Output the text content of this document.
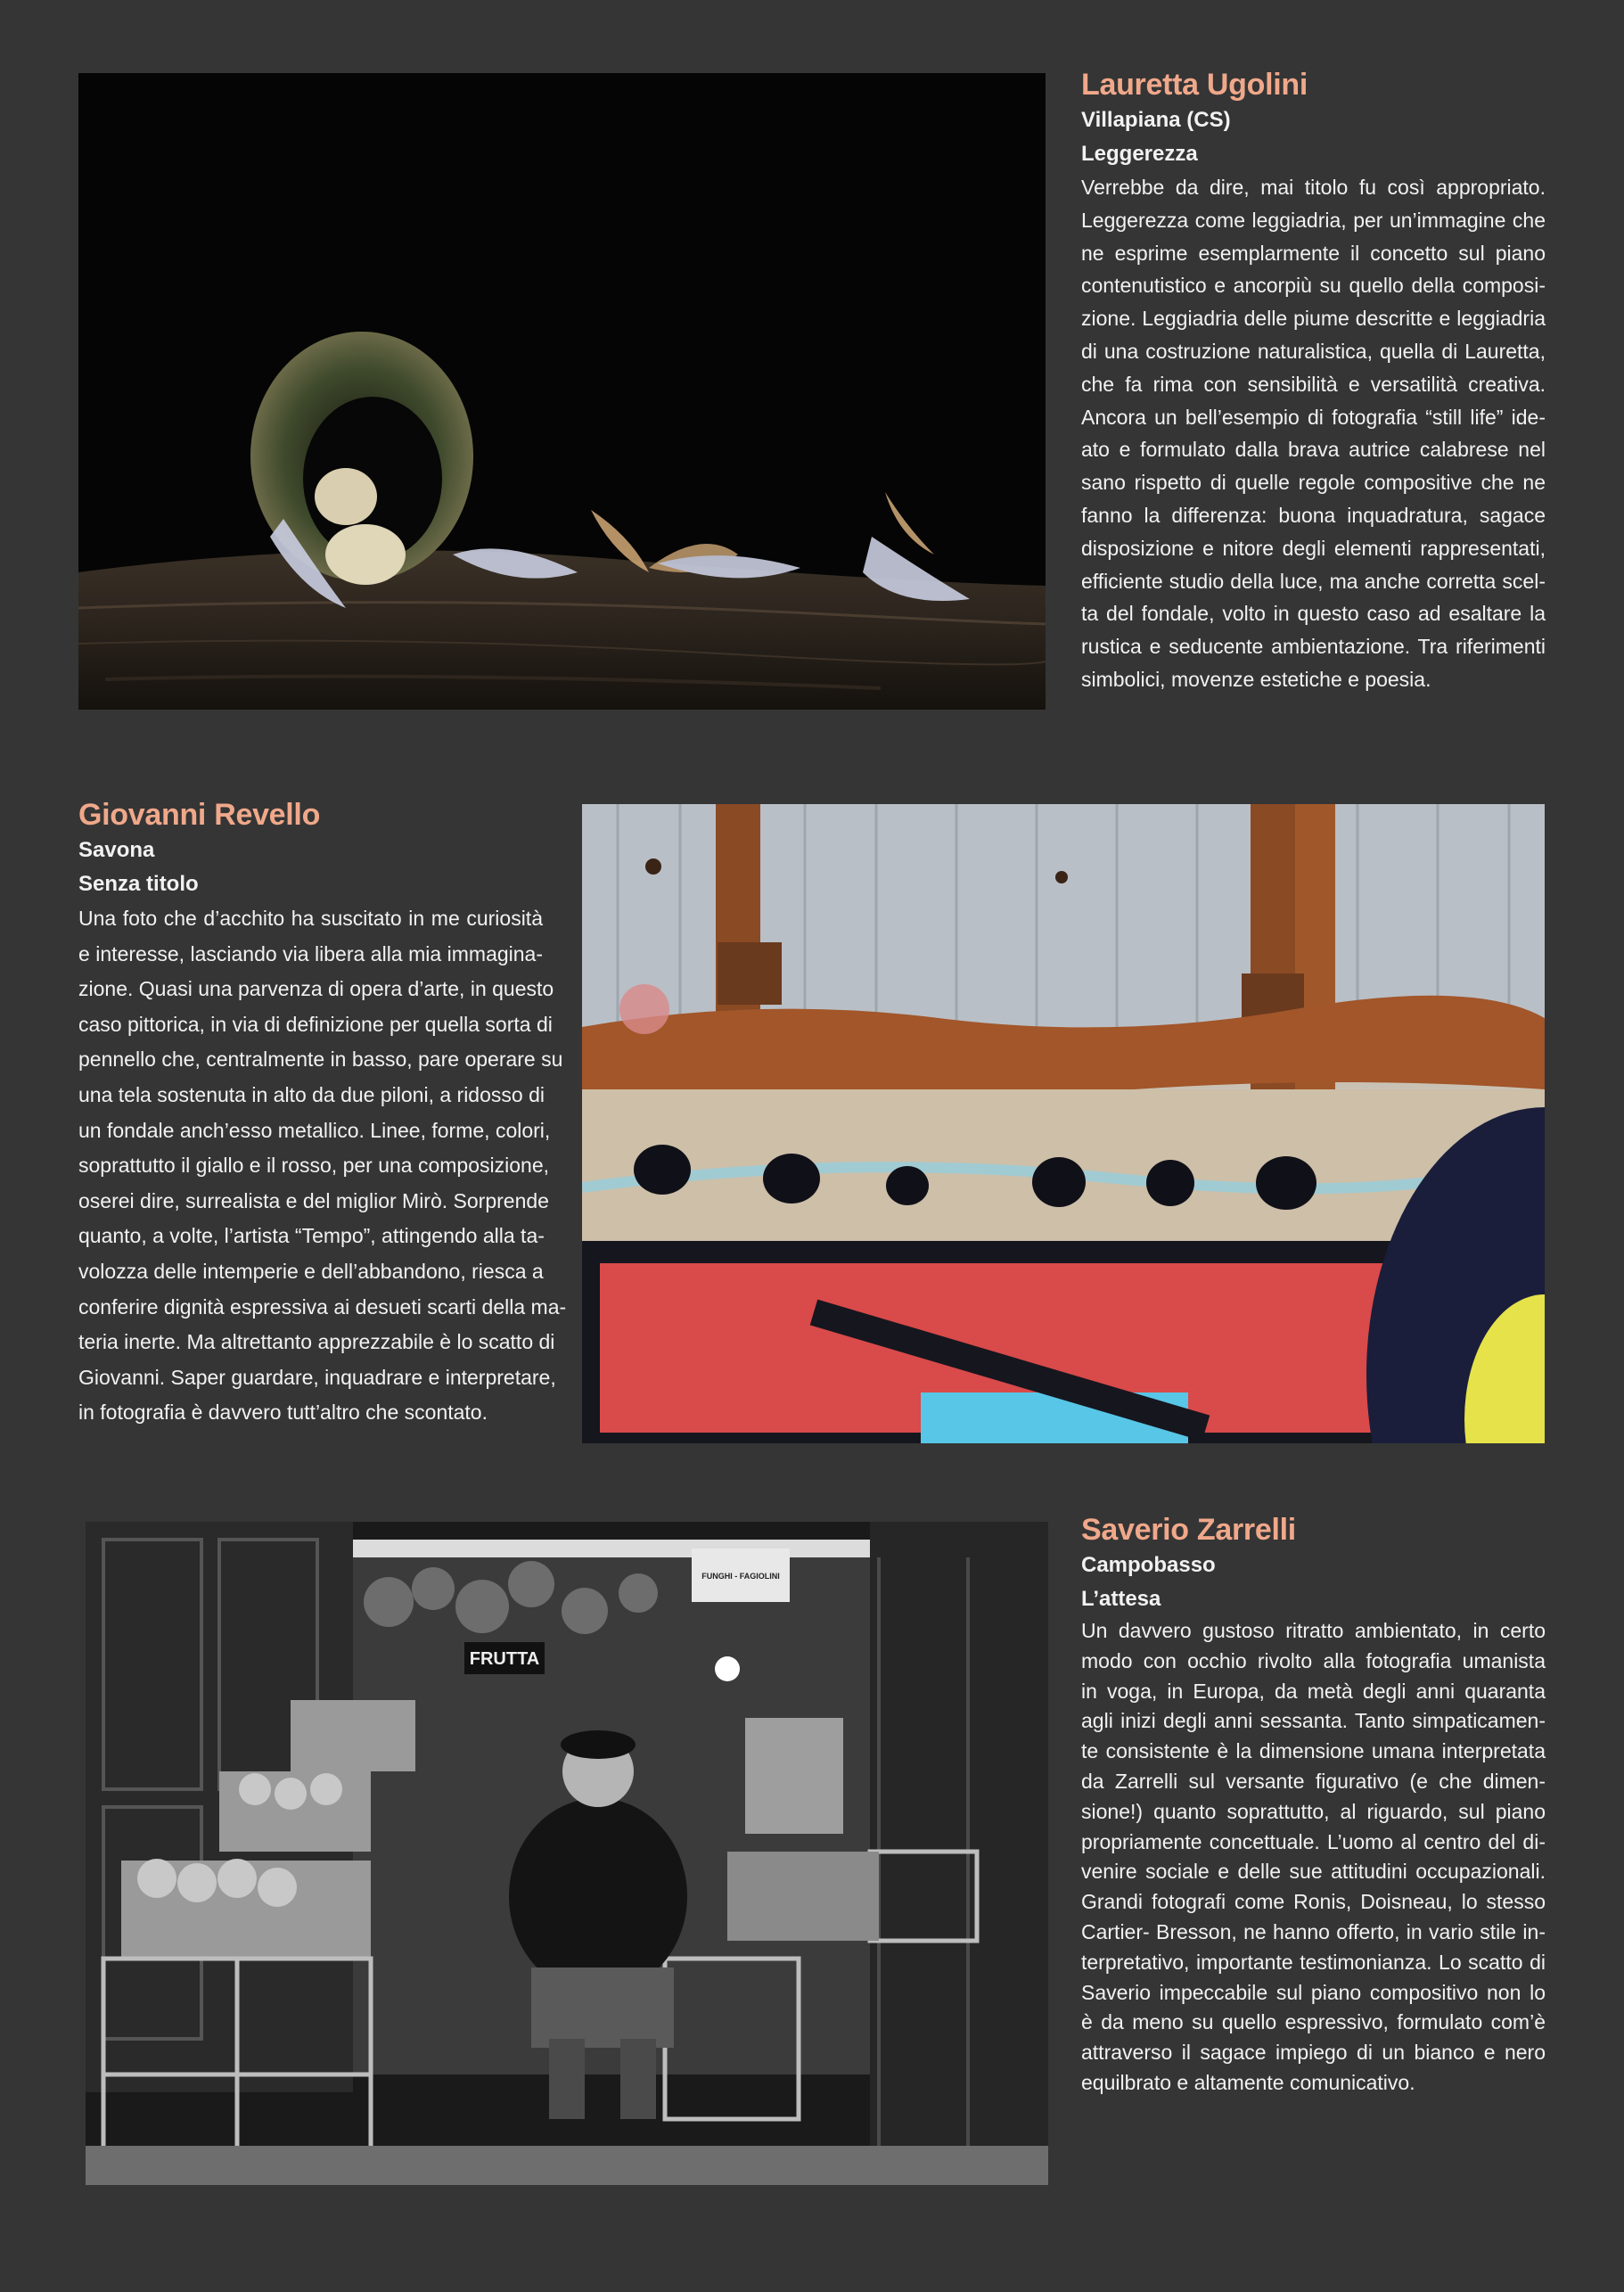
Lauretta Ugolini

Villapiana (CS)

Leggerezza

Verrebbe da dire, mai titolo fu così appropriato.
Leggerezza come leggiadria, per un’immagine che
ne esprime esemplarmente il concetto sul piano
contenutistico e ancorpiù su quello della composi-
zione. Leggiadria delle piume descritte e leggiadria
di una costruzione naturalistica, quella di Lauretta,
che fa rima con sensibilità e versatilità creativa.
Ancora un bell’esempio di fotografia “still life” ide-
ato e formulato dalla brava autrice calabrese nel
sano rispetto di quelle regole compositive che ne
fanno la differenza: buona inquadratura, sagace
disposizione e nitore degli elementi rappresentati,
efficiente studio della luce, ma anche corretta scel-
ta del fondale, volto in questo caso ad esaltare la
rustica e seducente ambientazione. Tra riferimenti
simbolici, movenze estetiche e poesia.

Giovanni Revello

Savona

Senza titolo

Una foto che d’acchito ha suscitato in me curiosità
e interesse, lasciando via libera alla mia immagina-
zione. Quasi una parvenza di opera d’arte, in questo
caso pittorica, in via di definizione per quella sorta di
pennello che, centralmente in basso, pare operare su
una tela sostenuta in alto da due piloni, a ridosso di
un fondale anch’esso metallico. Linee, forme, colori,
soprattutto il giallo e il rosso, per una composizione,
oserei dire, surrealista e del miglior Mirò. Sorprende
quanto, a volte, l’artista “Tempo”, attingendo alla ta-
volozza delle intemperie e dell’abbandono, riesca a
conferire dignità espressiva ai desueti scarti della ma-
teria inerte. Ma altrettanto apprezzabile è lo scatto di
Giovanni. Saper guardare, inquadrare e interpretare,
in fotografia è davvero tutt’altro che scontato.

FUNGHI - FAGIOLINI
FRUTTA

Saverio Zarrelli

Campobasso

L’attesa

Un davvero gustoso ritratto ambientato, in certo
modo con occhio rivolto alla fotografia umanista
in voga, in Europa, da metà degli anni quaranta
agli inizi degli anni sessanta. Tanto simpaticamen-
te consistente è la dimensione umana interpretata
da Zarrelli sul versante figurativo (e che dimen-
sione!) quanto soprattutto, al riguardo, sul piano
propriamente concettuale. L’uomo al centro del di-
venire sociale e delle sue attitudini occupazionali.
Grandi fotografi come Ronis, Doisneau, lo stesso
Cartier- Bresson, ne hanno offerto, in vario stile in-
terpretativo, importante testimonianza. Lo scatto di
Saverio impeccabile sul piano compositivo non lo
è da meno su quello espressivo, formulato com’è
attraverso il sagace impiego di un bianco e nero
equilbrato e altamente comunicativo.
